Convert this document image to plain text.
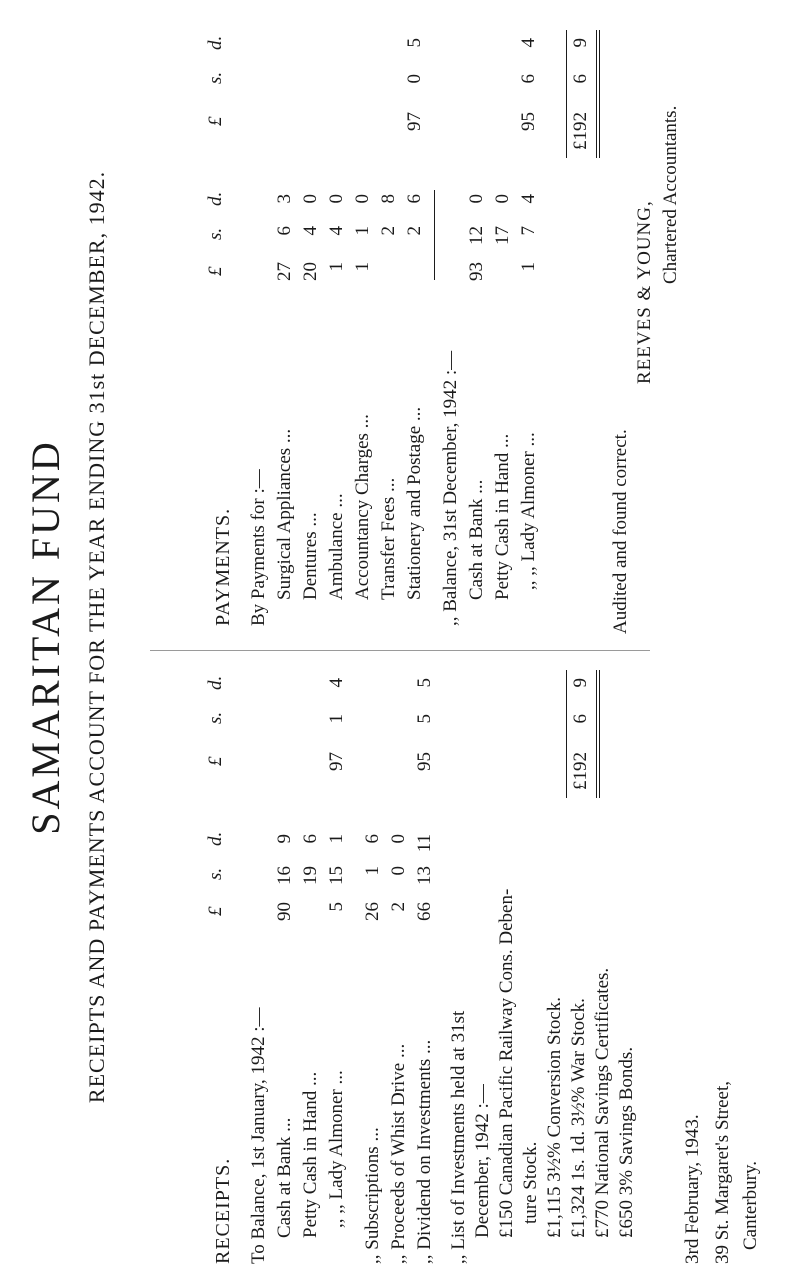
SAMARITAN FUND RECEIPTS AND PAYMENTS ACCOUNT FOR THE YEAR ENDING 31st DECEMBER, 1942.
RECEIPTS.
£
s.
d.
£
s.
d.
To Balance, 1st January, 1942 :— Cash at Bank ...
90
16
9
Petty Cash in Hand ...
19
6
,, ,, Lady Almoner ...
5
15
1
97
1
4
,, Subscriptions ...
26
1
6
,, Proceeds of Whist Drive ...
2
0
0
,, Dividend on Investments ...
66
13
11
95
5
5
,, List of Investments held at 31st December, 1942 :— £150 Canadian Pacific Railway Cons. Deben- ture Stock. £1,115 3½% Conversion Stock. £1,324 1s. 1d. 3½% War Stock. £770 National Savings Certificates. £650 3% Savings Bonds.
£192
6
9
PAYMENTS.
£
s.
d.
£
s.
d.
By Payments for :— Surgical Appliances ...
27
6
3
Dentures ...
20
4
0
Ambulance ...
1
4
0
Accountancy Charges ...
1
1
0
Transfer Fees ...
2
8
Stationery and Postage ...
2
6
97
0
5
,, Balance, 31st December, 1942 :— Cash at Bank ...
93
12
0
Petty Cash in Hand ...
17
0
,, ,, Lady Almoner ...
1
7
4
95
6
4
£192
6
9
3rd February, 1943. 39 St. Margaret's Street, Canterbury.
Audited and found correct.
REEVES & YOUNG,
Chartered Accountants.
